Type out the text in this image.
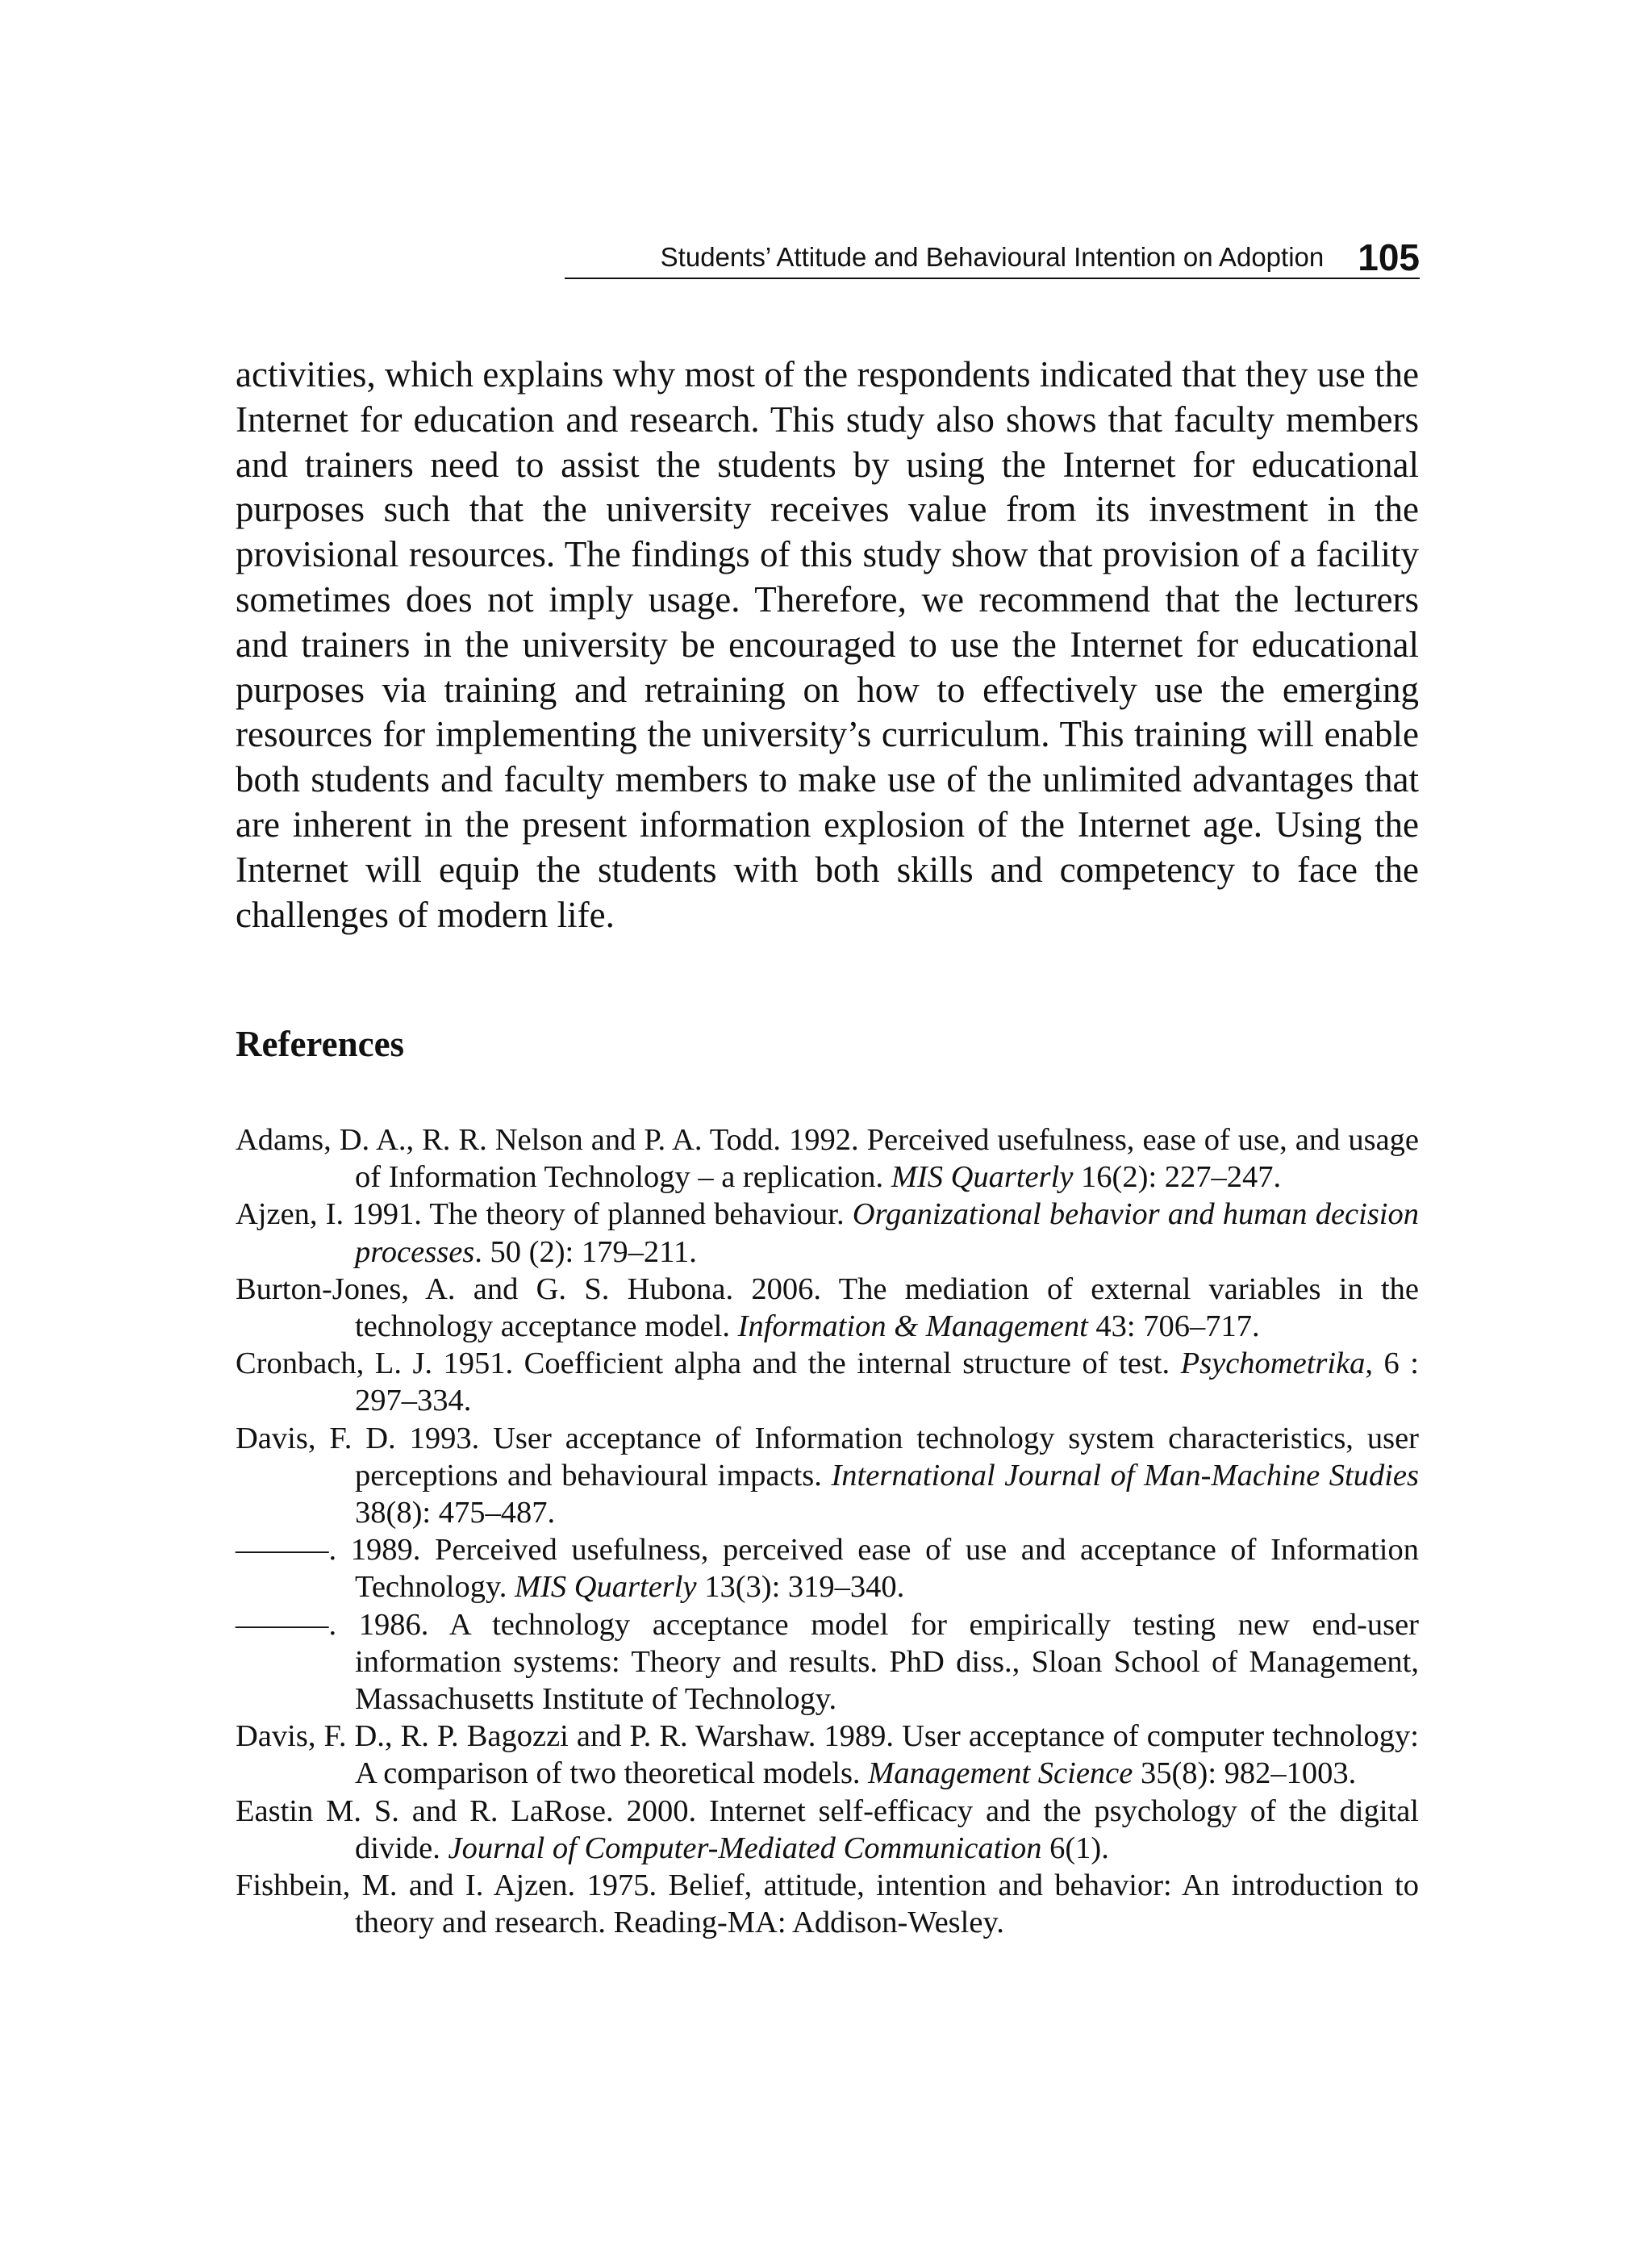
Students’ Attitude and Behavioural Intention on Adoption 105

activities, which explains why most of the respondents indicated that they use the Internet for education and research. This study also shows that faculty members and trainers need to assist the students by using the Internet for educational purposes such that the university receives value from its investment in the provisional resources. The findings of this study show that provision of a facility sometimes does not imply usage. Therefore, we recommend that the lecturers and trainers in the university be encouraged to use the Internet for educational purposes via training and retraining on how to effectively use the emerging resources for implementing the university’s curriculum. This training will enable both students and faculty members to make use of the unlimited advantages that are inherent in the present information explosion of the Internet age. Using the Internet will equip the students with both skills and competency to face the challenges of modern life.

References
Adams, D. A., R. R. Nelson and P. A. Todd. 1992. Perceived usefulness, ease of use, and usage of Information Technology – a replication. MIS Quarterly 16(2): 227–247.
Ajzen, I. 1991. The theory of planned behaviour. Organizational behavior and human decision processes. 50 (2): 179–211.
Burton-Jones, A. and G. S. Hubona. 2006. The mediation of external variables in the technology acceptance model. Information & Management 43: 706–717.
Cronbach, L. J. 1951. Coefficient alpha and the internal structure of test. Psychometrika, 6 : 297–334.
Davis, F. D. 1993. User acceptance of Information technology system characteristics, user perceptions and behavioural impacts. International Journal of Man-Machine Studies 38(8): 475–487.
———. 1989. Perceived usefulness, perceived ease of use and acceptance of Information Technology. MIS Quarterly 13(3): 319–340.
———. 1986. A technology acceptance model for empirically testing new end-user information systems: Theory and results. PhD diss., Sloan School of Management, Massachusetts Institute of Technology.
Davis, F. D., R. P. Bagozzi and P. R. Warshaw. 1989. User acceptance of computer technology: A comparison of two theoretical models. Management Science 35(8): 982–1003.
Eastin M. S. and R. LaRose. 2000. Internet self-efficacy and the psychology of the digital divide. Journal of Computer-Mediated Communication 6(1).
Fishbein, M. and I. Ajzen. 1975. Belief, attitude, intention and behavior: An introduction to theory and research. Reading-MA: Addison-Wesley.
